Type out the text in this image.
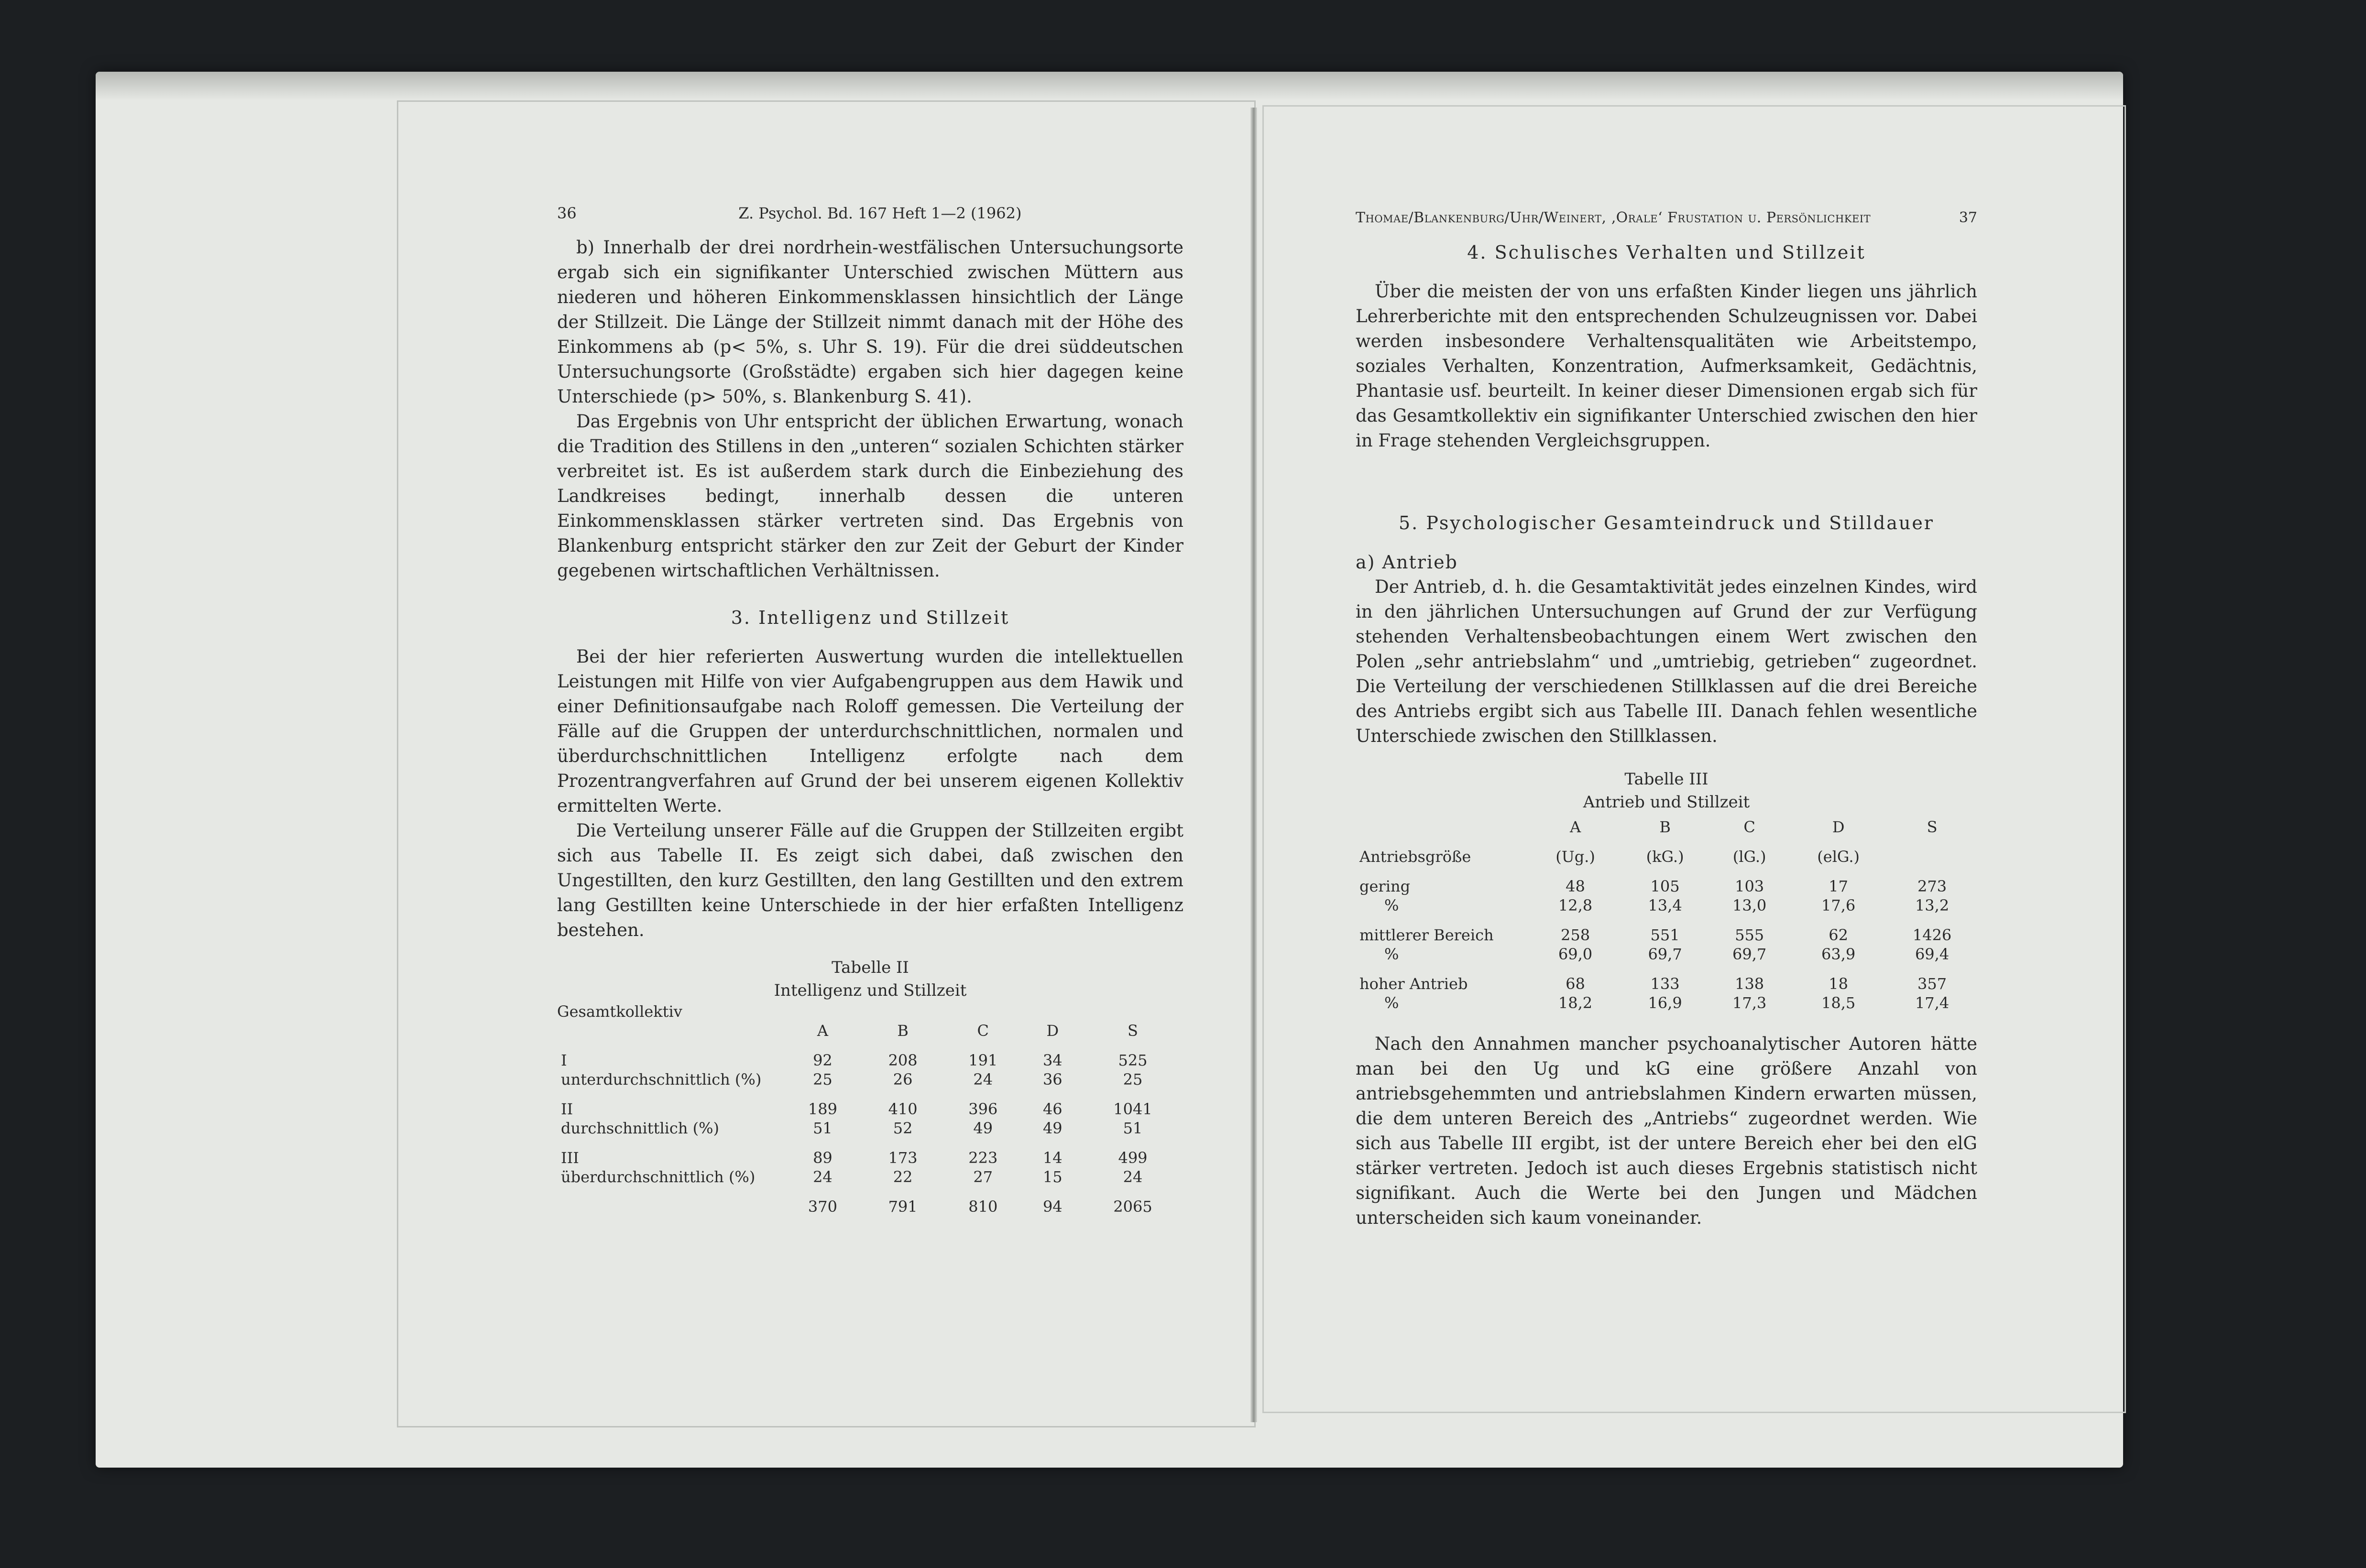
36	Z. Psychol. Bd. 167 Heft 1—2 (1962)

b) Innerhalb der drei nordrhein-westfälischen Untersuchungsorte ergab sich ein signifikanter Unterschied zwischen Müttern aus niederen und höheren Einkommensklassen hinsichtlich der Länge der Stillzeit. Die Länge der Stillzeit nimmt danach mit der Höhe des Einkommens ab (p< 5%, s. Uhr S. 19). Für die drei süddeutschen Untersuchungsorte (Großstädte) ergaben sich hier dagegen keine Unterschiede (p> 50%, s. Blankenburg S. 41).

Das Ergebnis von Uhr entspricht der üblichen Erwartung, wonach die Tradition des Stillens in den „unteren“ sozialen Schichten stärker verbreitet ist. Es ist außerdem stark durch die Einbeziehung des Landkreises bedingt, innerhalb dessen die unteren Einkommensklassen stärker vertreten sind. Das Ergebnis von Blankenburg entspricht stärker den zur Zeit der Geburt der Kinder gegebenen wirtschaftlichen Verhältnissen.

3. Intelligenz und Stillzeit

Bei der hier referierten Auswertung wurden die intellektuellen Leistungen mit Hilfe von vier Aufgabengruppen aus dem Hawik und einer Definitionsaufgabe nach Roloff gemessen. Die Verteilung der Fälle auf die Gruppen der unterdurchschnittlichen, normalen und überdurchschnittlichen Intelligenz erfolgte nach dem Prozentrangverfahren auf Grund der bei unserem eigenen Kollektiv ermittelten Werte.

Die Verteilung unserer Fälle auf die Gruppen der Stillzeiten ergibt sich aus Tabelle II. Es zeigt sich dabei, daß zwischen den Ungestillten, den kurz Gestillten, den lang Gestillten und den extrem lang Gestillten keine Unterschiede in der hier erfaßten Intelligenz bestehen.

Tabelle II
Intelligenz und Stillzeit
Gesamtkollektiv
	A	B	C	D	S
I	92	208	191	34	525
unterdurchschnittlich (%)	25	26	24	36	25
II	189	410	396	46	1041
durchschnittlich (%)	51	52	49	49	51
III	89	173	223	14	499
überdurchschnittlich (%)	24	22	27	15	24
	370	791	810	94	2065
Thomae/Blankenburg/Uhr/Weinert, ‚Orale‘ Frustation u. Persönlichkeit	37
4. Schulisches Verhalten und Stillzeit

Über die meisten der von uns erfaßten Kinder liegen uns jährlich Lehrerberichte mit den entsprechenden Schulzeugnissen vor. Dabei werden insbesondere Verhaltensqualitäten wie Arbeitstempo, soziales Verhalten, Konzentration, Aufmerksamkeit, Gedächtnis, Phantasie usf. beurteilt. In keiner dieser Dimensionen ergab sich für das Gesamtkollektiv ein signifikanter Unterschied zwischen den hier in Frage stehenden Vergleichsgruppen.

5. Psychologischer Gesamteindruck und Stilldauer
a) Antrieb

Der Antrieb, d. h. die Gesamtaktivität jedes einzelnen Kindes, wird in den jährlichen Untersuchungen auf Grund der zur Verfügung stehenden Verhaltensbeobachtungen einem Wert zwischen den Polen „sehr antriebslahm“ und „umtriebig, getrieben“ zugeordnet. Die Verteilung der verschiedenen Stillklassen auf die drei Bereiche des Antriebs ergibt sich aus Tabelle III. Danach fehlen wesentliche Unterschiede zwischen den Stillklassen.

Tabelle III
Antrieb und Stillzeit
	A	B	C	D	S
Antriebsgröße	(Ug.)	(kG.)	(lG.)	(elG.)	
gering	48	105	103	17	273
%	12,8	13,4	13,0	17,6	13,2
mittlerer Bereich	258	551	555	62	1426
%	69,0	69,7	69,7	63,9	69,4
hoher Antrieb	68	133	138	18	357
%	18,2	16,9	17,3	18,5	17,4

Nach den Annahmen mancher psychoanalytischer Autoren hätte man bei den Ug und kG eine größere Anzahl von antriebsgehemmten und antriebslahmen Kindern erwarten müssen, die dem unteren Bereich des „Antriebs“ zugeordnet werden. Wie sich aus Tabelle III ergibt, ist der untere Bereich eher bei den elG stärker vertreten. Jedoch ist auch dieses Ergebnis statistisch nicht signifikant. Auch die Werte bei den Jungen und Mädchen unterscheiden sich kaum voneinander.
